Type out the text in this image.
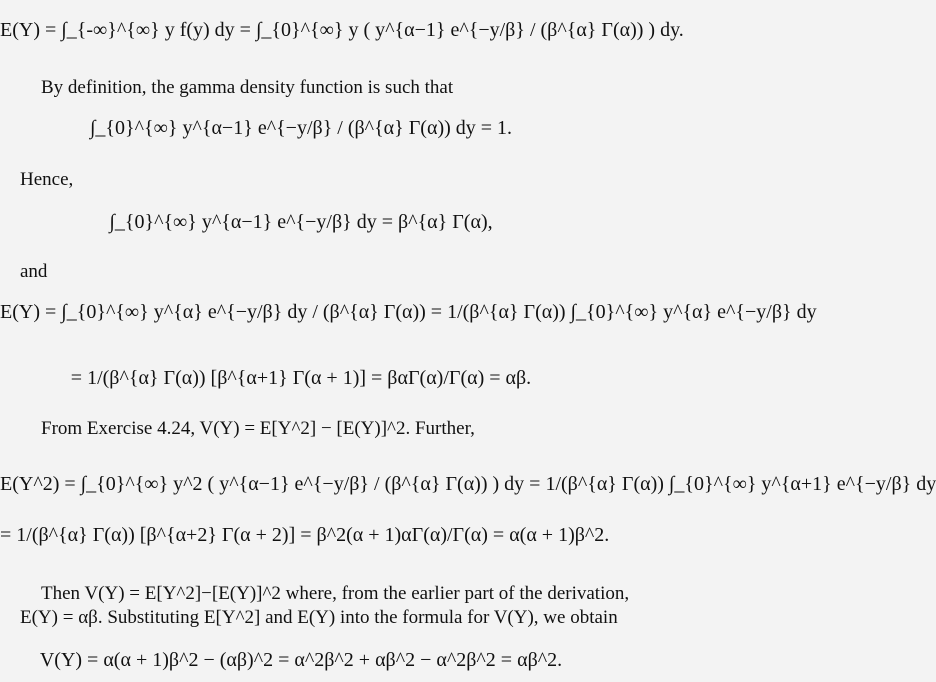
E(Y) = ∫_{-∞}^{∞} y f(y) dy = ∫_{0}^{∞} y ( y^{α−1} e^{−y/β} / (β^{α} Γ(α)) ) dy.
By definition, the gamma density function is such that
∫_{0}^{∞} y^{α−1} e^{−y/β} / (β^{α} Γ(α)) dy = 1.
Hence,
∫_{0}^{∞} y^{α−1} e^{−y/β} dy = β^{α} Γ(α),
and
E(Y) = ∫_{0}^{∞} y^{α} e^{−y/β} dy / (β^{α} Γ(α)) = 1/(β^{α} Γ(α)) ∫_{0}^{∞} y^{α} e^{−y/β} dy
= 1/(β^{α} Γ(α)) [β^{α+1} Γ(α + 1)] = βαΓ(α)/Γ(α) = αβ.
From Exercise 4.24, V(Y) = E[Y^2] − [E(Y)]^2. Further,
E(Y^2) = ∫_{0}^{∞} y^2 ( y^{α−1} e^{−y/β} / (β^{α} Γ(α)) ) dy = 1/(β^{α} Γ(α)) ∫_{0}^{∞} y^{α+1} e^{−y/β} dy
= 1/(β^{α} Γ(α)) [β^{α+2} Γ(α + 2)] = β^2(α + 1)αΓ(α)/Γ(α) = α(α + 1)β^2.
Then V(Y) = E[Y^2]−[E(Y)]^2 where, from the earlier part of the derivation,
E(Y) = αβ. Substituting E[Y^2] and E(Y) into the formula for V(Y), we obtain
V(Y) = α(α + 1)β^2 − (αβ)^2 = α^2β^2 + αβ^2 − α^2β^2 = αβ^2.
